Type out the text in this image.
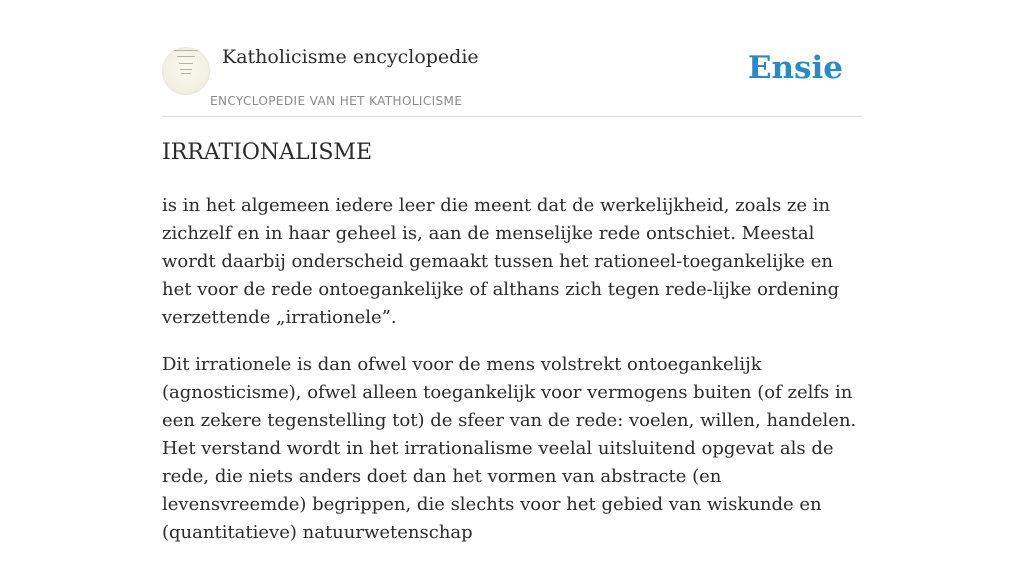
Katholicisme encyclopedie
ENCYCLOPEDIE VAN HET KATHOLICISME
Ensie
IRRATIONALISME

is in het algemeen iedere leer die meent dat de werkelijkheid, zoals ze in zichzelf en in haar geheel is, aan de menselijke rede ontschiet. Meestal wordt daarbij onderscheid gemaakt tussen het rationeel-toegankelijke en het voor de rede ontoegankelijke of althans zich tegen rede-lijke ordening verzettende „irrationele”.

Dit irrationele is dan ofwel voor de mens volstrekt ontoegankelijk (agnosticisme), ofwel alleen toegankelijk voor vermogens buiten (of zelfs in een zekere tegenstelling tot) de sfeer van de rede: voelen, willen, handelen. Het verstand wordt in het irrationalisme veelal uitsluitend opgevat als de rede, die niets anders doet dan het vormen van abstracte (en levensvreemde) begrippen, die slechts voor het gebied van wiskunde en (quantitatieve) natuurwetenschap
